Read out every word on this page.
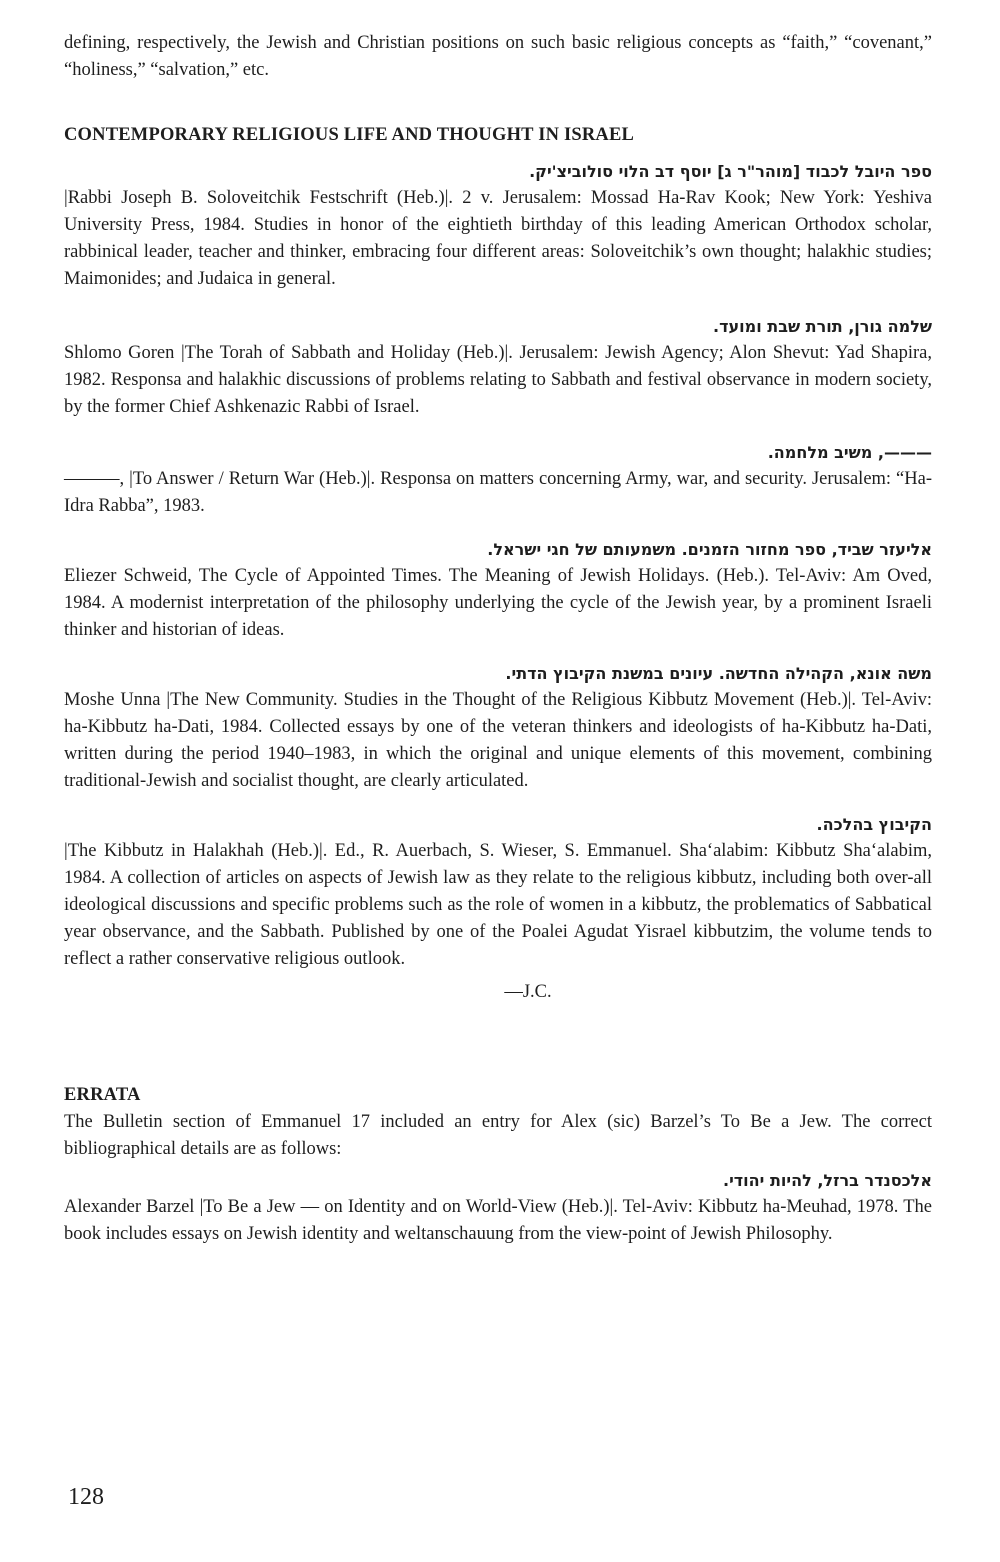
defining, respectively, the Jewish and Christian positions on such basic religious concepts as “faith,” “covenant,” “holiness,” “salvation,” etc.

CONTEMPORARY RELIGIOUS LIFE AND THOUGHT IN ISRAEL

ספר היובל לכבוד [מוהר"ר ג] יוסף דב הלוי סולוביצ'יק.

|Rabbi Joseph B. Soloveitchik Festschrift (Heb.)|. 2 v. Jerusalem: Mossad Ha-Rav Kook; New York: Yeshiva University Press, 1984. Studies in honor of the eightieth birthday of this leading American Orthodox scholar, rabbinical leader, teacher and thinker, embracing four different areas: Soloveitchik’s own thought; halakhic studies; Maimonides; and Judaica in general.

שלמה גורן, תורת שבת ומועד.

Shlomo Goren |The Torah of Sabbath and Holiday (Heb.)|. Jerusalem: Jewish Agency; Alon Shevut: Yad Shapira, 1982. Responsa and halakhic discussions of problems relating to Sabbath and festival observance in modern society, by the former Chief Ashkenazic Rabbi of Israel.

———, משיב מלחמה.

———, |To Answer / Return War (Heb.)|. Responsa on matters concerning Army, war, and security. Jerusalem: “Ha-Idra Rabba”, 1983.

אליעזר שביד, ספר מחזור הזמנים. משמעותם של חגי ישראל.

Eliezer Schweid, The Cycle of Appointed Times. The Meaning of Jewish Holidays. (Heb.). Tel-Aviv: Am Oved, 1984. A modernist interpretation of the philosophy underlying the cycle of the Jewish year, by a prominent Israeli thinker and historian of ideas.

משה אונא, הקהילה החדשה. עיונים במשנת הקיבוץ הדתי.

Moshe Unna |The New Community. Studies in the Thought of the Religious Kibbutz Movement (Heb.)|. Tel-Aviv: ha-Kibbutz ha-Dati, 1984. Collected essays by one of the veteran thinkers and ideologists of ha-Kibbutz ha-Dati, written during the period 1940–1983, in which the original and unique elements of this movement, combining traditional-Jewish and socialist thought, are clearly articulated.

הקיבוץ בהלכה.

|The Kibbutz in Halakhah (Heb.)|. Ed., R. Auerbach, S. Wieser, S. Emmanuel. Sha‘alabim: Kibbutz Sha‘alabim, 1984. A collection of articles on aspects of Jewish law as they relate to the religious kibbutz, including both over-all ideological discussions and specific problems such as the role of women in a kibbutz, the problematics of Sabbatical year observance, and the Sabbath. Published by one of the Poalei Agudat Yisrael kibbutzim, the volume tends to reflect a rather conservative religious outlook.

—J.C.

ERRATA

The Bulletin section of Emmanuel 17 included an entry for Alex (sic) Barzel’s To Be a Jew. The correct bibliographical details are as follows:

אלכסנדר ברזל, להיות יהודי.

Alexander Barzel |To Be a Jew — on Identity and on World-View (Heb.)|. Tel-Aviv: Kibbutz ha-Meuhad, 1978. The book includes essays on Jewish identity and weltanschauung from the view-point of Jewish Philosophy.

128
